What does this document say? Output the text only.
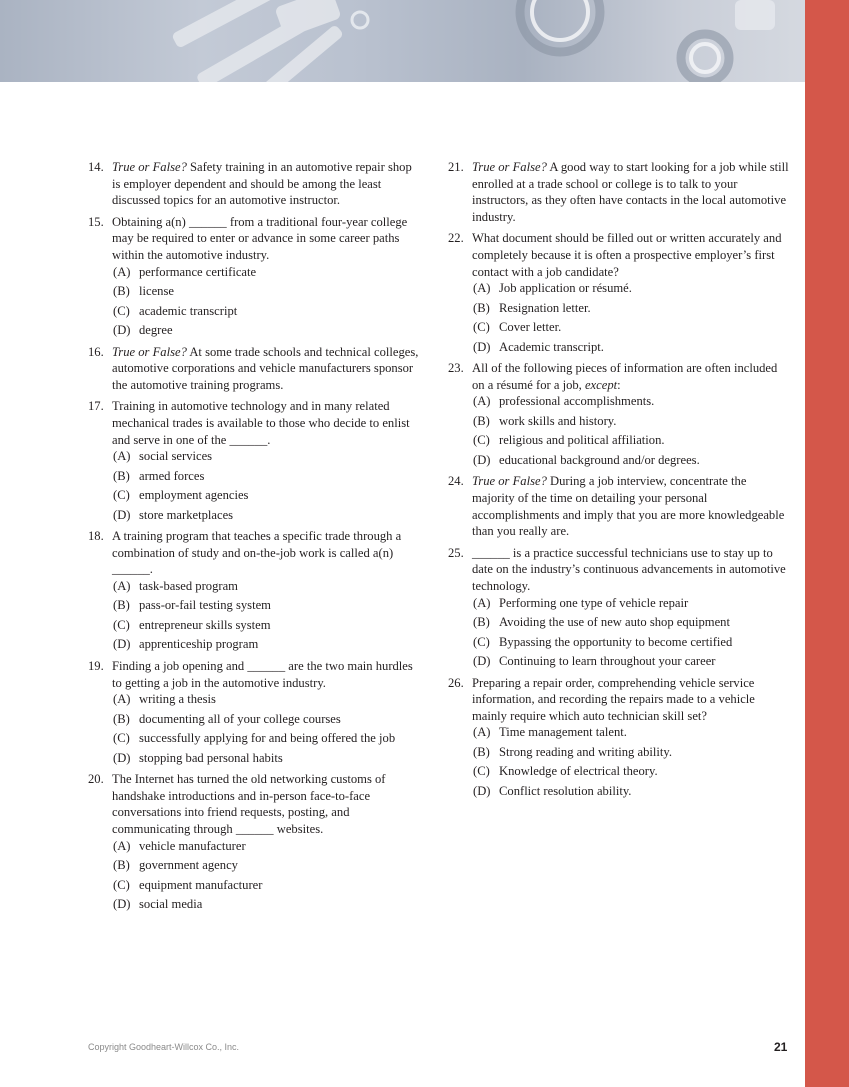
14. True or False? Safety training in an automotive repair shop is employer dependent and should be among the least discussed topics for an automotive instructor.
15. Obtaining a(n) ______ from a traditional four-year college may be required to enter or advance in some career paths within the automotive industry.
(A) performance certificate
(B) license
(C) academic transcript
(D) degree
16. True or False? At some trade schools and technical colleges, automotive corporations and vehicle manufacturers sponsor the automotive training programs.
17. Training in automotive technology and in many related mechanical trades is available to those who decide to enlist and serve in one of the ______.
(A) social services
(B) armed forces
(C) employment agencies
(D) store marketplaces
18. A training program that teaches a specific trade through a combination of study and on-the-job work is called a(n) ______.
(A) task-based program
(B) pass-or-fail testing system
(C) entrepreneur skills system
(D) apprenticeship program
19. Finding a job opening and ______ are the two main hurdles to getting a job in the automotive industry.
(A) writing a thesis
(B) documenting all of your college courses
(C) successfully applying for and being offered the job
(D) stopping bad personal habits
20. The Internet has turned the old networking customs of handshake introductions and in-person face-to-face conversations into friend requests, posting, and communicating through ______ websites.
(A) vehicle manufacturer
(B) government agency
(C) equipment manufacturer
(D) social media
21. True or False? A good way to start looking for a job while still enrolled at a trade school or college is to talk to your instructors, as they often have contacts in the local automotive industry.
22. What document should be filled out or written accurately and completely because it is often a prospective employer’s first contact with a job candidate?
(A) Job application or résumé.
(B) Resignation letter.
(C) Cover letter.
(D) Academic transcript.
23. All of the following pieces of information are often included on a résumé for a job, except:
(A) professional accomplishments.
(B) work skills and history.
(C) religious and political affiliation.
(D) educational background and/or degrees.
24. True or False? During a job interview, concentrate the majority of the time on detailing your personal accomplishments and imply that you are more knowledgeable than you really are.
25. ______ is a practice successful technicians use to stay up to date on the industry’s continuous advancements in automotive technology.
(A) Performing one type of vehicle repair
(B) Avoiding the use of new auto shop equipment
(C) Bypassing the opportunity to become certified
(D) Continuing to learn throughout your career
26. Preparing a repair order, comprehending vehicle service information, and recording the repairs made to a vehicle mainly require which auto technician skill set?
(A) Time management talent.
(B) Strong reading and writing ability.
(C) Knowledge of electrical theory.
(D) Conflict resolution ability.
Copyright Goodheart-Willcox Co., Inc.	21
